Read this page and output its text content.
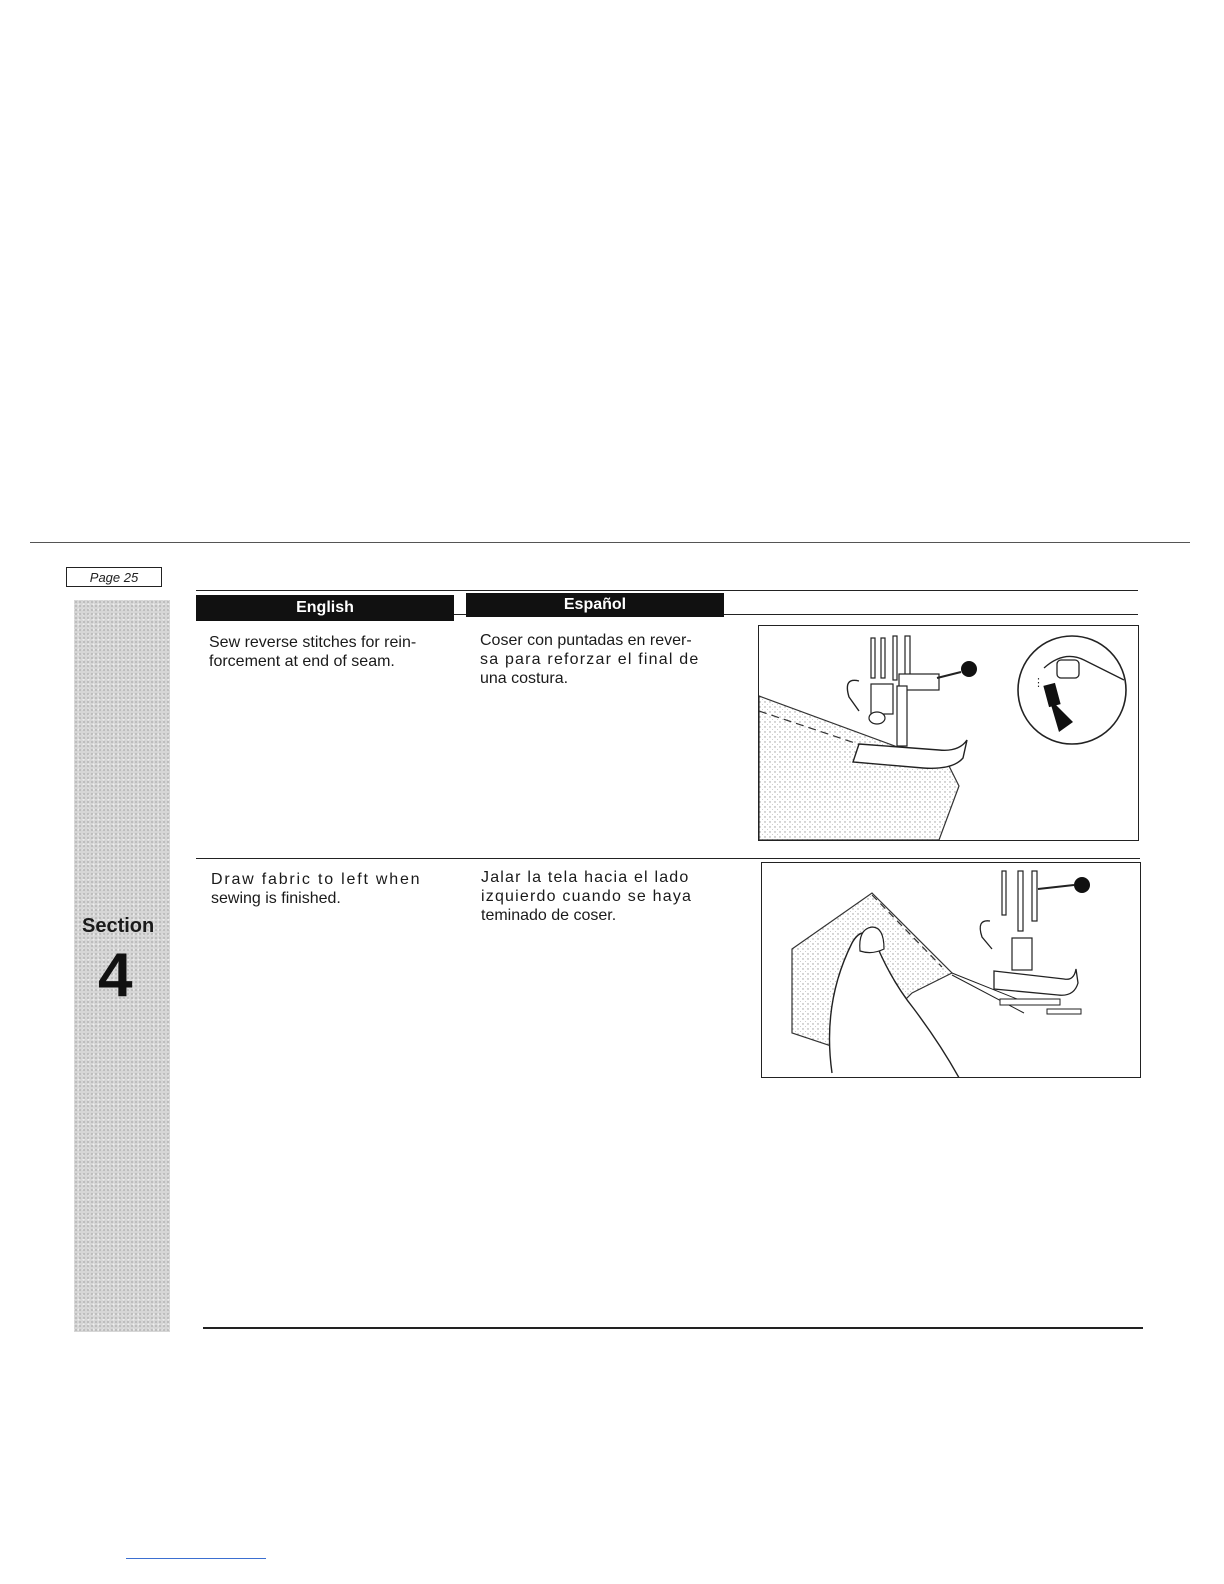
Page 25
Section
4
English	Español
Sew reverse stitches for rein-
forcement at end of seam.
Coser con puntadas en rever-
sa para reforzar el final de
una costura.	⋮
Draw fabric to left when
sewing is finished.
Jalar la tela hacia el lado
izquierdo cuando se haya
teminado de coser.
